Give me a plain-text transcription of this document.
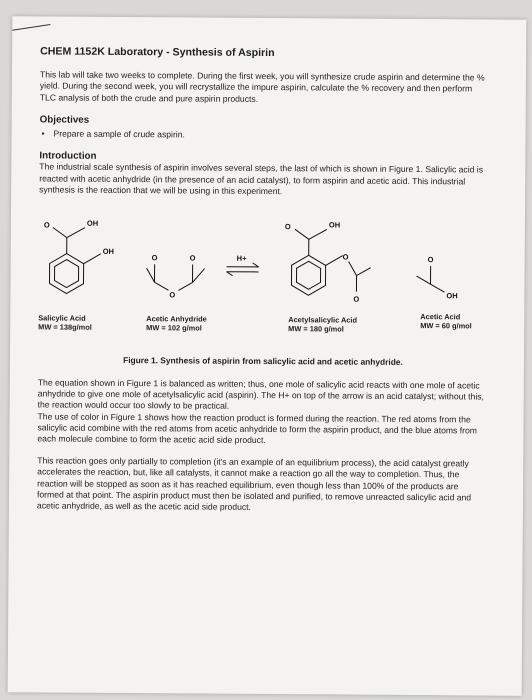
CHEM 1152K Laboratory - Synthesis of Aspirin

This lab will take two weeks to complete. During the first week, you will synthesize crude aspirin and determine the % yield. During the second week, you will recrystallize the impure aspirin, calculate the % recovery and then perform TLC analysis of both the crude and pure aspirin products.

Objectives
• Prepare a sample of crude aspirin.
Introduction

The industrial scale synthesis of aspirin involves several steps, the last of which is shown in Figure 1. Salicylic acid is reacted with acetic anhydride (in the presence of an acid catalyst), to form aspirin and acetic acid. This industrial synthesis is the reaction that we will be using in this experiment.

O	OH
OH
O
O
O	H+
O	OH
O
O
O
OH
Salicylic Acid
MW = 138g/mol
Acetic Anhydride
MW = 102 g/mol
Acetylsalicylic Acid
MW = 180 g/mol
Acetic Acid
MW = 60 g/mol
Figure 1. Synthesis of aspirin from salicylic acid and acetic anhydride.

The equation shown in Figure 1 is balanced as written; thus, one mole of salicylic acid reacts with one mole of acetic anhydride to give one mole of acetylsalicylic acid (aspirin). The H+ on top of the arrow is an acid catalyst; without this, the reaction would occur too slowly to be practical.

The use of color in Figure 1 shows how the reaction product is formed during the reaction. The red atoms from the salicylic acid combine with the red atoms from acetic anhydride to form the aspirin product, and the blue atoms from each molecule combine to form the acetic acid side product.

This reaction goes only partially to completion (it's an example of an equilibrium process), the acid catalyst greatly accelerates the reaction, but, like all catalysts, it cannot make a reaction go all the way to completion. Thus, the reaction will be stopped as soon as it has reached equilibrium, even though less than 100% of the products are formed at that point. The aspirin product must then be isolated and purified, to remove unreacted salicylic acid and acetic anhydride, as well as the acetic acid side product.
